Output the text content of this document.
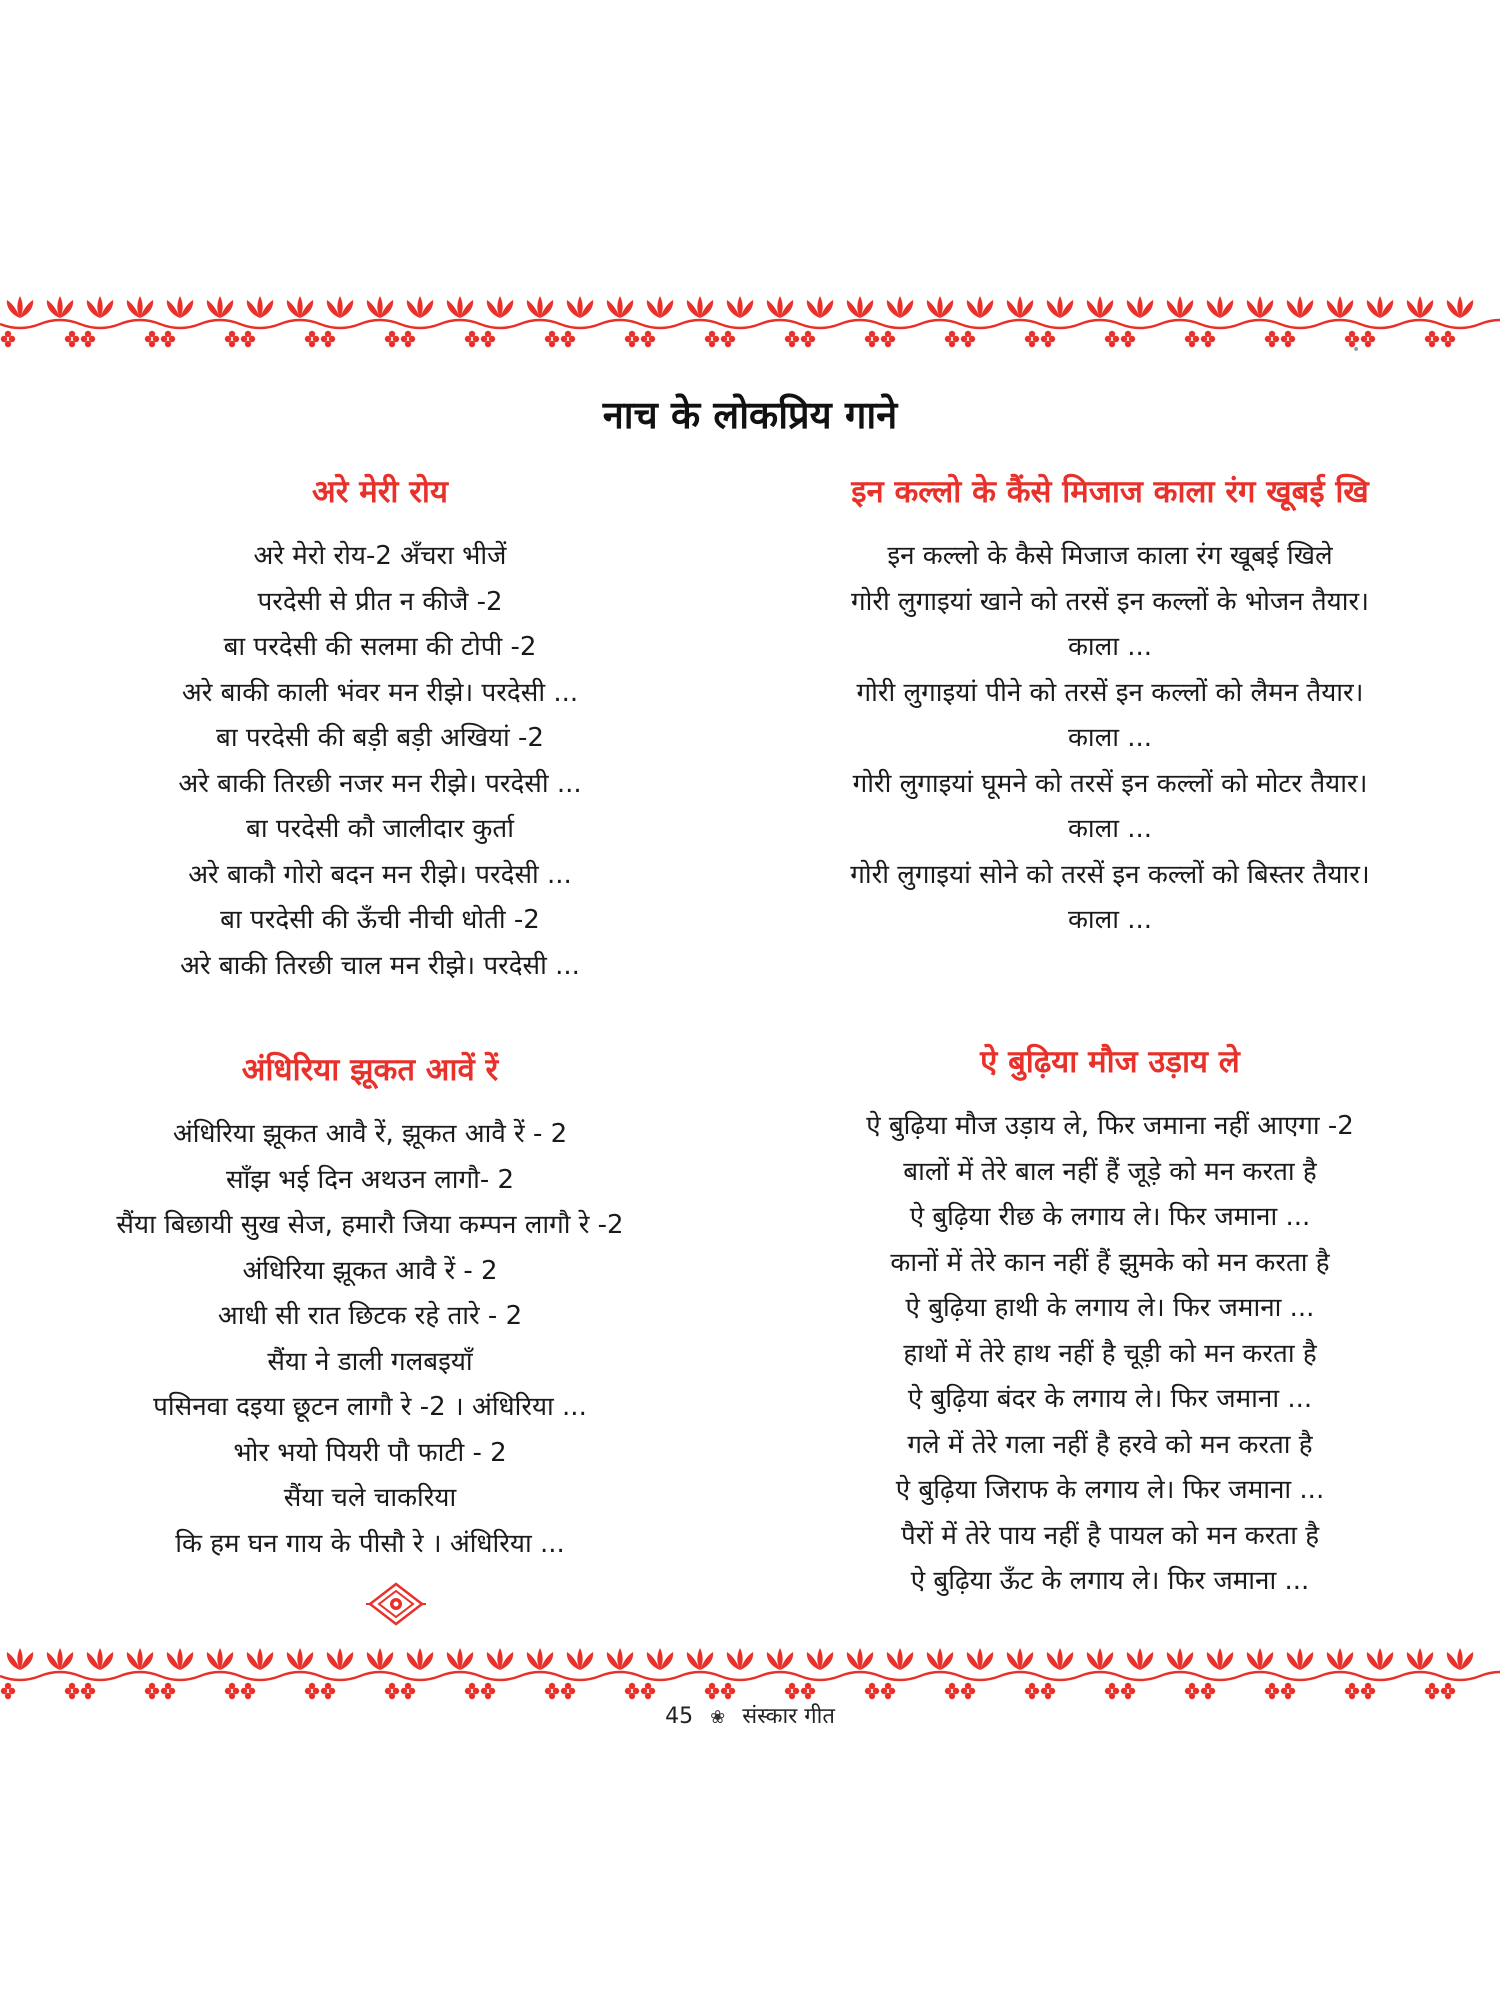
नाच के लोकप्रिय गाने
अरे मेरी रोय
अरे मेरो रोय-2 अँचरा भीजें
परदेसी से प्रीत न कीजै -2
बा परदेसी की सलमा की टोपी -2
अरे बाकी काली भंवर मन रीझे। परदेसी ...
बा परदेसी की बड़ी बड़ी अखियां -2
अरे बाकी तिरछी नजर मन रीझे। परदेसी ...
बा परदेसी कौ जालीदार कुर्ता
अरे बाकौ गोरो बदन मन रीझे। परदेसी ...
बा परदेसी की ऊँची नीची धोती -2
अरे बाकी तिरछी चाल मन रीझे। परदेसी ...
इन कल्लो के कैंसे मिजाज काला रंग खूबई खि
इन कल्लो के कैसे मिजाज काला रंग खूबई खिले
गोरी लुगाइयां खाने को तरसें इन कल्लों के भोजन तैयार।
काला ...
गोरी लुगाइयां पीने को तरसें इन कल्लों को लैमन तैयार।
काला ...
गोरी लुगाइयां घूमने को तरसें इन कल्लों को मोटर तैयार।
काला ...
गोरी लुगाइयां सोने को तरसें इन कल्लों को बिस्तर तैयार।
काला ...
अंधिरिया झूकत आवें रें
अंधिरिया झूकत आवै रें, झूकत आवै रें - 2
साँझ भई दिन अथउन लागौ- 2
सैंया बिछायी सुख सेज, हमारौ जिया कम्पन लागौ रे -2
अंधिरिया झूकत आवै रें - 2
आधी सी रात छिटक रहे तारे - 2
सैंया ने डाली गलबइयाँ
पसिनवा दइया छूटन लागौ रे -2 । अंधिरिया ...
भोर भयो पियरी पौ फाटी - 2
सैंया चले चाकरिया
कि हम घन गाय के पीसौ रे । अंधिरिया ...
ऐ बुढ़िया मौज उड़ाय ले
ऐ बुढ़िया मौज उड़ाय ले, फिर जमाना नहीं आएगा -2
बालों में तेरे बाल नहीं हैं जूड़े को मन करता है
ऐ बुढ़िया रीछ के लगाय ले। फिर जमाना ...
कानों में तेरे कान नहीं हैं झुमके को मन करता है
ऐ बुढ़िया हाथी के लगाय ले। फिर जमाना ...
हाथों में तेरे हाथ नहीं है चूड़ी को मन करता है
ऐ बुढ़िया बंदर के लगाय ले। फिर जमाना ...
गले में तेरे गला नहीं है हरवे को मन करता है
ऐ बुढ़िया जिराफ के लगाय ले। फिर जमाना ...
पैरों में तेरे पाय नहीं है पायल को मन करता है
ऐ बुढ़िया ऊँट के लगाय ले। फिर जमाना ...
45 ❀ संस्कार गीत
•
